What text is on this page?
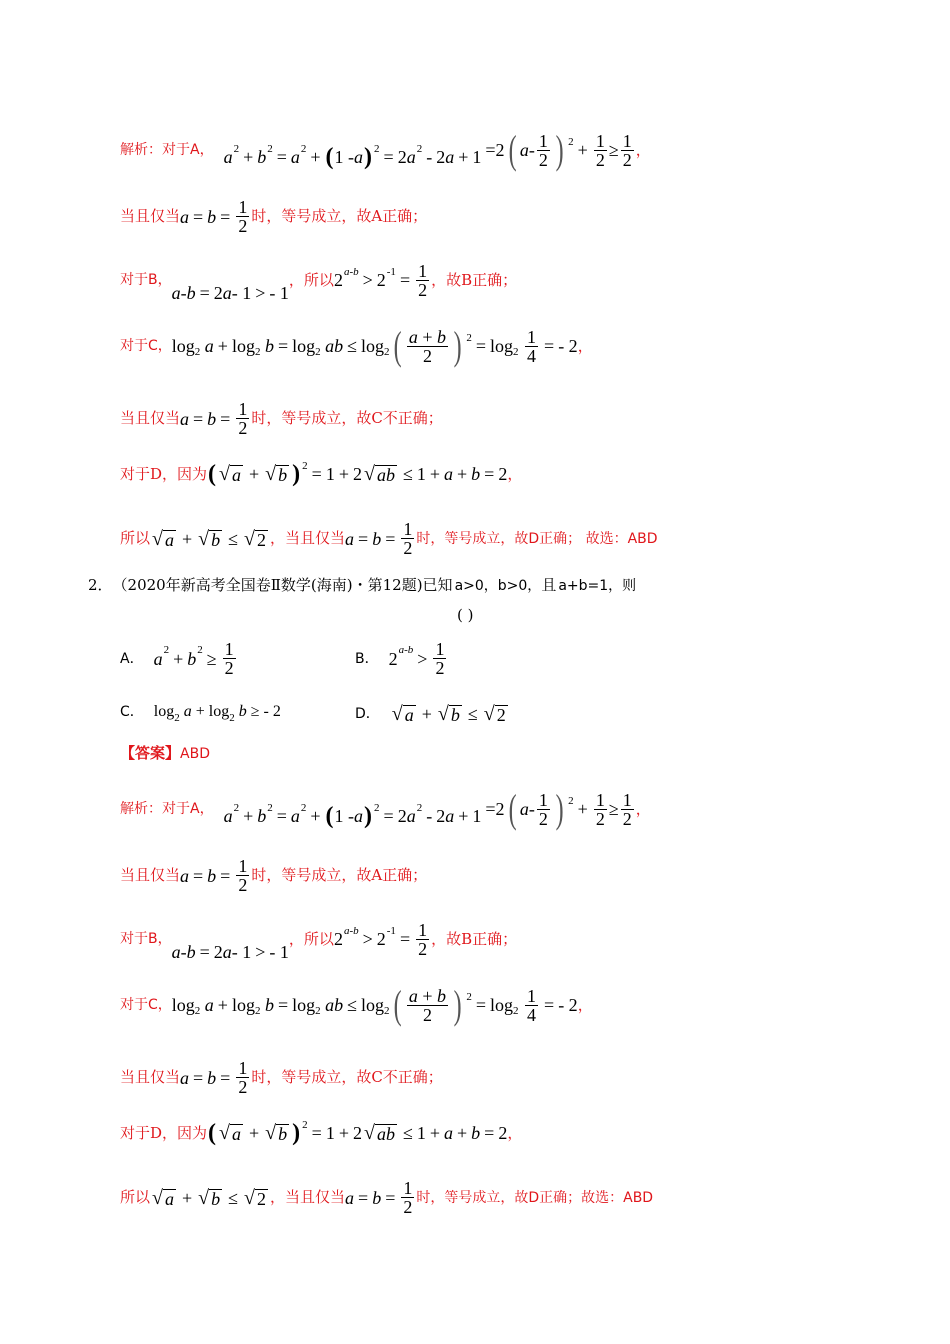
解析：对于A， a 2 + b 2 = a 2 + ( 1 - a ) 2 = 2 a 2 - 2 a + 1 =2 ( a - $\frac{1}{2}$ ) $2 + \frac{1}{2} \ge \frac{1}{2}$ ，
当且仅当 $a = b = \frac{1}{2}$ 时，等号成立，故A正确；
对于B，
a - b = 2 a - 1 > - 1
，所以 2 a-b > 2 $-1 = \frac{1}{2}$ ，故B正确；
对于C， log 2
a + log 2
b = log 2
ab ≤ log 2 ( $\frac{a + b}{2}$ ) 2 = log 2
$\frac{1}{4}$ = - 2 ，
当且仅当 $a = b = \frac{1}{2}$ 时，等号成立，故C不正确；
对于D，因为 ( √ a + √ b ) 2 = 1 + 2 √ ab ≤ 1 + a + b = 2 ，
所以 √ a + √ b ≤ √ 2 ，当且仅当 $a = b = \frac{1}{2}$ 时，等号成立，故D正确； 故选：ABD
2． （2020年新高考全国卷Ⅱ数学(海南)・第12题)已知 a>0， b>0， 且 a+b=1，则
( )
A． a 2 + b $2 \ge \frac{1}{2}$	B． 2 $a-b > \frac{1}{2}$
C． log 2
a + log 2
b ≥ - 2	D． √ a + √ b ≤ √ 2
【答案】 ABD
解析：对于A， a 2 + b 2 = a 2 + ( 1 - a ) 2 = 2 a 2 - 2 a + 1 =2 ( a - $\frac{1}{2}$ ) $2 + \frac{1}{2} \ge \frac{1}{2}$ ，
当且仅当 $a = b = \frac{1}{2}$ 时，等号成立，故A正确；
对于B，
a - b = 2 a - 1 > - 1
，所以 2 a-b > 2 $-1 = \frac{1}{2}$ ，故B正确；
对于C， log 2
a + log 2
b = log 2
ab ≤ log 2 ( $\frac{a + b}{2}$ ) 2 = log 2
$\frac{1}{4}$ = - 2 ，
当且仅当 $a = b = \frac{1}{2}$ 时，等号成立，故C不正确；
对于D，因为 ( √ a + √ b ) 2 = 1 + 2 √ ab ≤ 1 + a + b = 2 ，
所以 √ a + √ b ≤ √ 2 ，当且仅当 $a = b = \frac{1}{2}$ 时，等号成立，故D正确；故选：ABD
